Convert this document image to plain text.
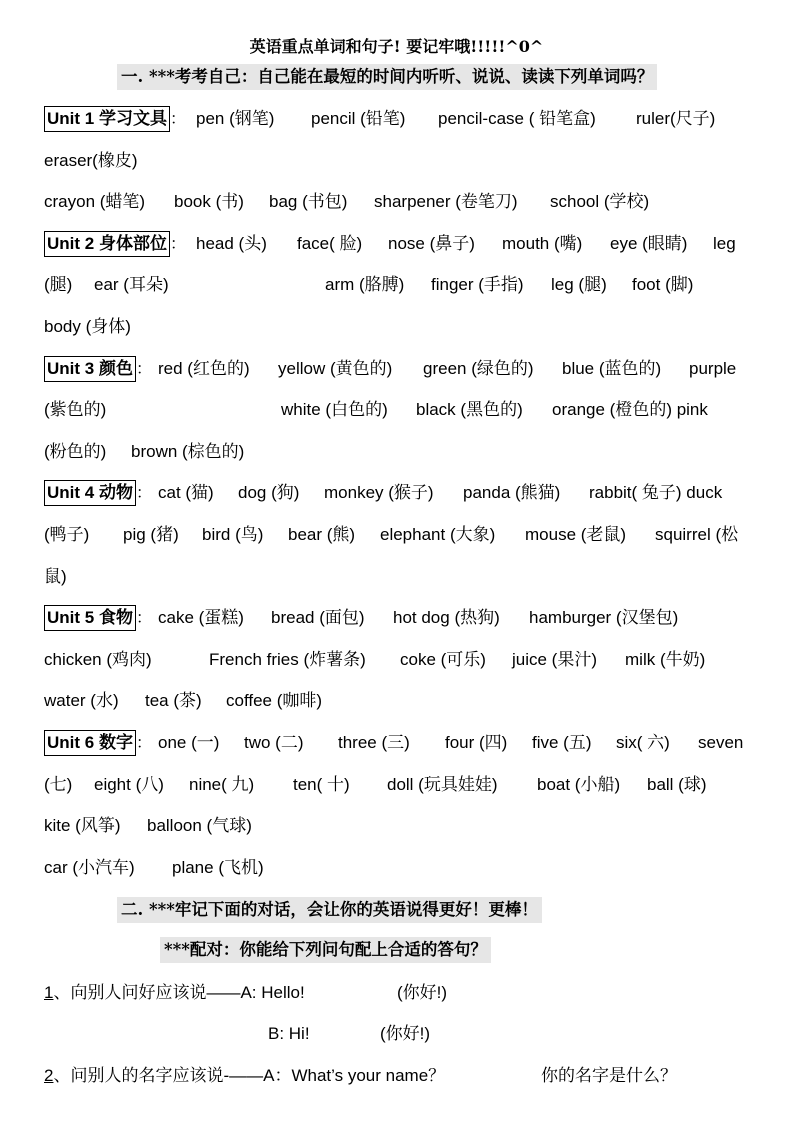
英语重点单词和句子! 要记牢哦!!!!!^0^
一. ***考考自己：自己能在最短的时间内听听、说说、读读下列单词吗？
Unit 1 学习文具 ： pen (钢笔) pencil (铅笔) pencil-case ( 铅笔盒) ruler(尺子)
eraser(橡皮)
crayon (蜡笔) book (书) bag (书包) sharpener (卷笔刀) school (学校)
Unit 2 身体部位 ： head (头) face( 脸) nose (鼻子) mouth (嘴) eye (眼睛) leg
(腿) ear (耳朵)	arm (胳膊) finger (手指) leg (腿) foot (脚)
body (身体)
Unit 3 颜色 ： red (红色的) yellow (黄色的) green (绿色的) blue (蓝色的) purple
(紫色的)	white (白色的) black (黑色的) orange (橙色的) pink
(粉色的) brown (棕色的)
Unit 4 动物 ： cat (猫) dog (狗) monkey (猴子) panda (熊猫) rabbit( 兔子) duck
(鸭子) pig (猪) bird (鸟) bear (熊) elephant (大象) mouse (老鼠) squirrel (松
鼠)
Unit 5 食物 ： cake (蛋糕) bread (面包) hot dog (热狗) hamburger (汉堡包)
chicken (鸡肉)	French fries (炸薯条) coke (可乐) juice (果汁) milk (牛奶)
water (水) tea (茶) coffee (咖啡)
Unit 6 数字 ： one (一) two (二) three (三) four (四) five (五) six( 六) seven
(七) eight (八) nine( 九) ten( 十) doll (玩具娃娃) boat (小船) ball (球)
kite (风筝) balloon (气球)
car (小汽车) plane (飞机)
二. ***牢记下面的对话，会让你的英语说得更好！更棒！
***配对：你能给下列问句配上合适的答句？
1、向别人问好应该说——A: Hello!	(你好!)
B: Hi!	(你好!)
2、问别人的名字应该说-——A：What’s your name？	你的名字是什么？
